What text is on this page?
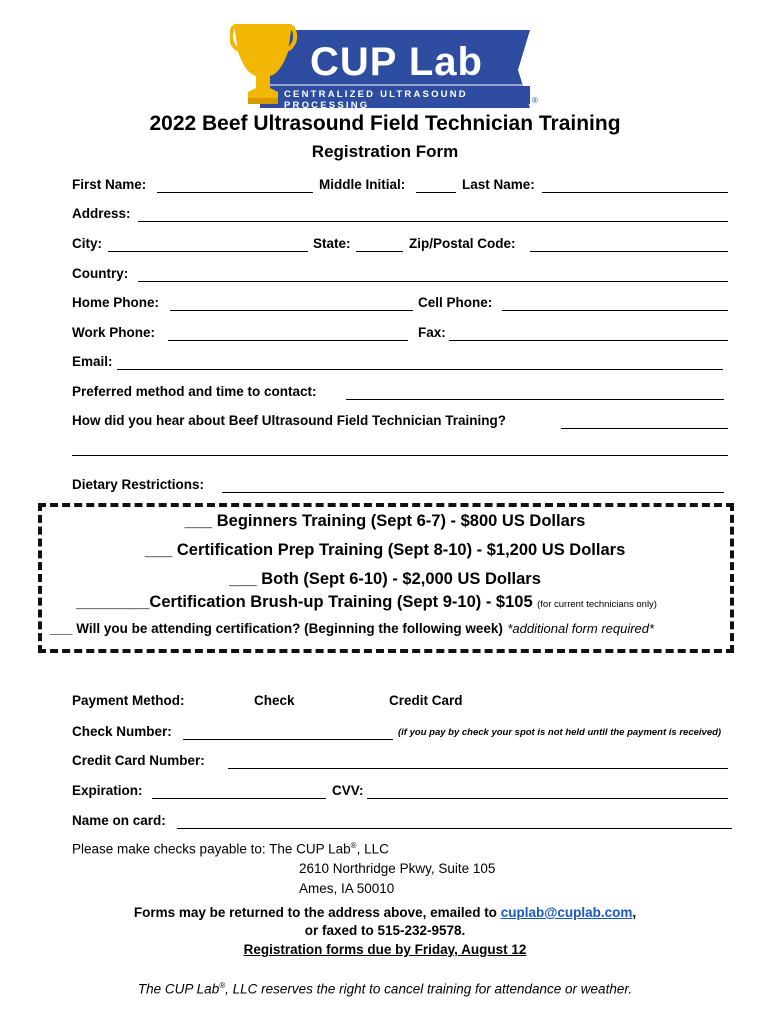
CUP Lab
CENTRALIZED ULTRASOUND PROCESSING	®
2022 Beef Ultrasound Field Technician Training
Registration Form
First Name:	Middle Initial:	Last Name:
Address:
City:	State:	Zip/Postal Code:
Country:
Home Phone:	Cell Phone:
Work Phone:	Fax:
Email:
Preferred method and time to contact:
How did you hear about Beef Ultrasound Field Technician Training?
Dietary Restrictions:
___ Beginners Training (Sept 6-7) - $800 US Dollars
___ Certification Prep Training (Sept 8-10) - $1,200 US Dollars
___ Both (Sept 6-10) - $2,000 US Dollars
________Certification Brush-up Training (Sept 9-10) - $105 (for current technicians only)
___ Will you be attending certification? (Beginning the following week) *additional form required*
Payment Method:	Check	Credit Card
Check Number:	(if you pay by check your spot is not held until the payment is received)
Credit Card Number:
Expiration:	CVV:
Name on card:
Please make checks payable to: The CUP Lab®, LLC
2610 Northridge Pkwy, Suite 105
Ames, IA 50010
Forms may be returned to the address above, emailed to cuplab@cuplab.com,
or faxed to 515-232-9578.
Registration forms due by Friday, August 12
The CUP Lab®, LLC reserves the right to cancel training for attendance or weather.
